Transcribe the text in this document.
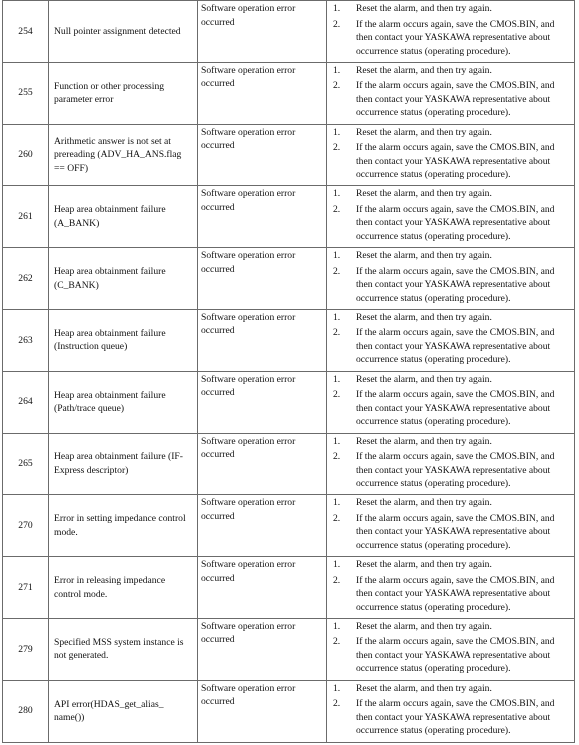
254	Null pointer assignment detected	Software operation error occurred	1. Reset the alarm, and then try again.
2. If the alarm occurs again, save the CMOS.BIN, and then contact your YASKAWA representative about occurrence status (operating procedure).

255	Function or other processing parameter error	Software operation error occurred	1. Reset the alarm, and then try again.
2. If the alarm occurs again, save the CMOS.BIN, and then contact your YASKAWA representative about occurrence status (operating procedure).

260	Arithmetic answer is not set at prereading (ADV_HA_ANS.flag == OFF)	Software operation error occurred	1. Reset the alarm, and then try again.
2. If the alarm occurs again, save the CMOS.BIN, and then contact your YASKAWA representative about occurrence status (operating procedure).

261	Heap area obtainment failure (A_BANK)	Software operation error occurred	1. Reset the alarm, and then try again.
2. If the alarm occurs again, save the CMOS.BIN, and then contact your YASKAWA representative about occurrence status (operating procedure).

262	Heap area obtainment failure (C_BANK)	Software operation error occurred	1. Reset the alarm, and then try again.
2. If the alarm occurs again, save the CMOS.BIN, and then contact your YASKAWA representative about occurrence status (operating procedure).

263	Heap area obtainment failure (Instruction queue)	Software operation error occurred	1. Reset the alarm, and then try again.
2. If the alarm occurs again, save the CMOS.BIN, and then contact your YASKAWA representative about occurrence status (operating procedure).

264	Heap area obtainment failure (Path/trace queue)	Software operation error occurred	1. Reset the alarm, and then try again.
2. If the alarm occurs again, save the CMOS.BIN, and then contact your YASKAWA representative about occurrence status (operating procedure).

265	Heap area obtainment failure (IF-Express descriptor)	Software operation error occurred	1. Reset the alarm, and then try again.
2. If the alarm occurs again, save the CMOS.BIN, and then contact your YASKAWA representative about occurrence status (operating procedure).

270	Error in setting impedance control mode.	Software operation error occurred	1. Reset the alarm, and then try again.
2. If the alarm occurs again, save the CMOS.BIN, and then contact your YASKAWA representative about occurrence status (operating procedure).

271	Error in releasing impedance control mode.	Software operation error occurred	1. Reset the alarm, and then try again.
2. If the alarm occurs again, save the CMOS.BIN, and then contact your YASKAWA representative about occurrence status (operating procedure).

279	Specified MSS system instance is not generated.	Software operation error occurred	1. Reset the alarm, and then try again.
2. If the alarm occurs again, save the CMOS.BIN, and then contact your YASKAWA representative about occurrence status (operating procedure).

280	API error(HDAS_get_alias_ name())	Software operation error occurred	1. Reset the alarm, and then try again.
2. If the alarm occurs again, save the CMOS.BIN, and then contact your YASKAWA representative about occurrence status (operating procedure).
